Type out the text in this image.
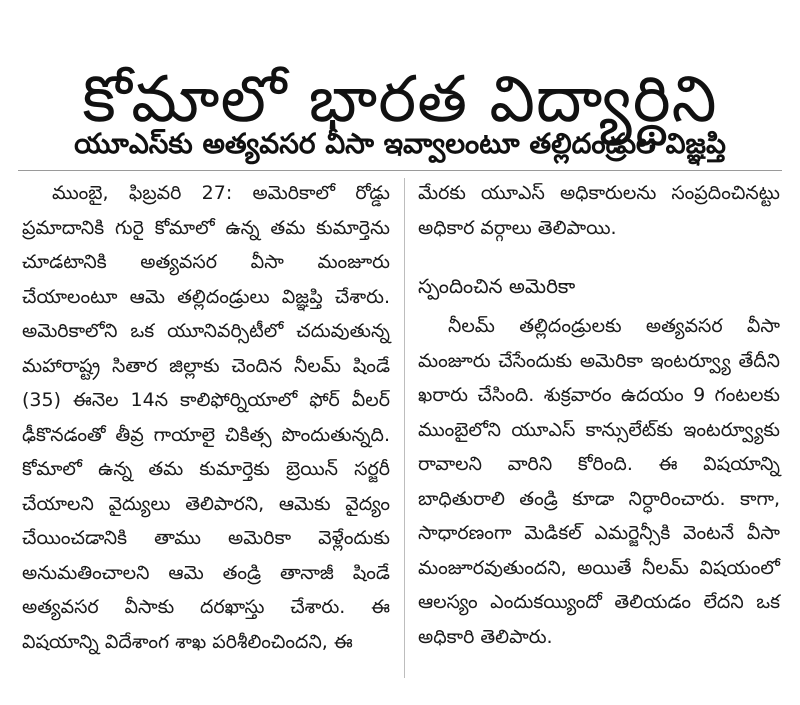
కోమాలో భారత విద్యార్థిని
యూఎస్‌కు అత్యవసర వీసా ఇవ్వాలంటూ తల్లిదండ్రుల విజ్ఞప్తి

ముంబై, ఫిబ్రవరి 27: అమెరికాలో రోడ్డు ప్రమాదానికి గురై కోమాలో ఉన్న తమ కుమార్తెను చూడటానికి అత్యవసర వీసా మంజూరు చేయాలంటూ ఆమె తల్లిదండ్రులు విజ్ఞప్తి చేశారు. అమెరికాలోని ఒక యూనివర్సిటీలో చదువుతున్న మహారాష్ట్ర సితార జిల్లాకు చెందిన నీలమ్ షిండే (35) ఈనెల 14న కాలిఫోర్నియాలో ఫోర్ వీలర్ ఢీకొనడంతో తీవ్ర గాయాలై చికిత్స పొందుతున్నది. కోమాలో ఉన్న తమ కుమార్తెకు బ్రెయిన్ సర్జరీ చేయాలని వైద్యులు తెలిపారని, ఆమెకు వైద్యం చేయించడానికి తాము అమెరికా వెళ్లేందుకు అనుమతించాలని ఆమె తండ్రి తానాజీ షిండే అత్యవసర వీసాకు దరఖాస్తు చేశారు. ఈ విషయాన్ని విదేశాంగ శాఖ పరిశీలించిందని, ఈ

మేరకు యూఎస్ అధికారులను సంప్రదించినట్టు అధికార వర్గాలు తెలిపాయి.

స్పందించిన అమెరికా

నీలమ్ తల్లిదండ్రులకు అత్యవసర వీసా మంజూరు చేసేందుకు అమెరికా ఇంటర్వ్యూ తేదీని ఖరారు చేసింది. శుక్రవారం ఉదయం 9 గంటలకు ముంబైలోని యూఎస్ కాన్సులేట్‌కు ఇంటర్వ్యూకు రావాలని వారిని కోరింది. ఈ విషయాన్ని బాధితురాలి తండ్రి కూడా నిర్ధారించారు. కాగా, సాధారణంగా మెడికల్ ఎమర్జెన్సీకి వెంటనే వీసా మంజూరవుతుందని, అయితే నీలమ్ విషయంలో ఆలస్యం ఎందుకయ్యిందో తెలియడం లేదని ఒక అధికారి తెలిపారు.
